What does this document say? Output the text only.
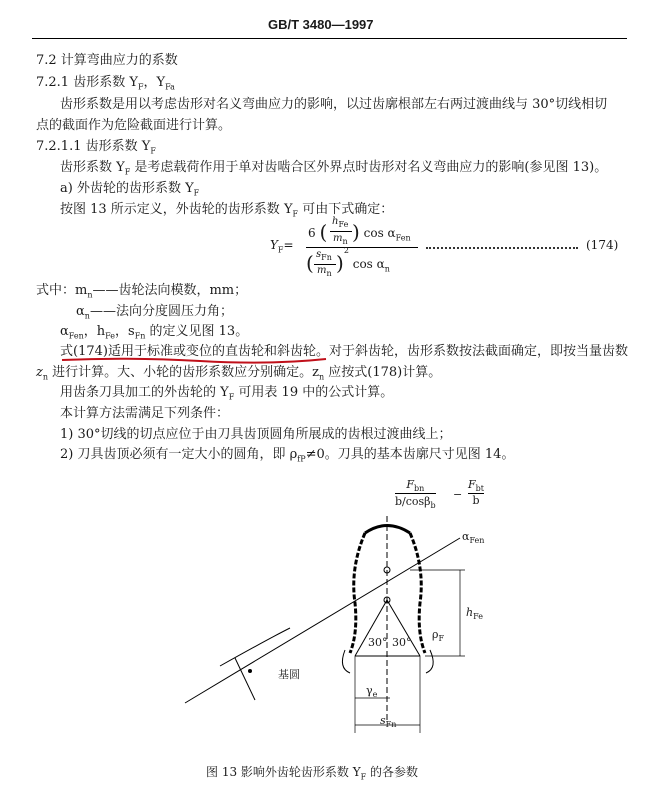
GB/T 3480—1997
7.2 计算弯曲应力的系数
7.2.1 齿形系数 $Y_F$，$Y_{Fa}$
齿形系数是用以考虑齿形对名义弯曲应力的影响，以过齿廓根部左右两过渡曲线与 30°切线相切
点的截面作为危险截面进行计算。
7.2.1.1 齿形系数 $Y_F$
齿形系数 $Y_F$ 是考虑载荷作用于单对齿啮合区外界点时齿形对名义弯曲应力的影响(参见图 13)。
a) 外齿轮的齿形系数 $Y_F$
按图 13 所示定义，外齿轮的齿形系数 $Y_F$ 可由下式确定：
$Y_F=$
6 ( $h_{Fe}$
$m_n$ ) $\cos \alpha_{Fen}$
( $s_{Fn}$
$m_n$ )$^2$ $\cos \alpha_n$
(174)
式中：$m_n——$齿轮法向模数，mm；
$\alpha_n——$法向分度圆压力角；
$\alpha_{Fen}$，$h_{Fe}$，$s_{Fn}$ 的定义见图 13。
式(174)适用于标准或变位的直齿轮和斜齿轮。对于斜齿轮，齿形系数按法截面确定，即按当量齿数
$z_n$ 进行计算。大、小轮的齿形系数应分别确定。$z_n$ 应按式(178)计算。
用齿条刀具加工的外齿轮的 $Y_F$ 可用表 19 中的公式计算。
本计算方法需满足下列条件：
1) 30°切线的切点应位于由刀具齿顶圆角所展成的齿根过渡曲线上；
2) 刀具齿顶必须有一定大小的圆角，即 $\rho_{fP}\ne 0$。刀具的基本齿廓尺寸见图 14。
$F_{bn}$
b/cosβ$_b$
−
$F_{bt}$
b
$\alpha_{Fen}$
$h_{Fe}$
$\rho_F$
基圆
30° 30°
$\gamma_e$
$s_{Fn}$
图 13 影响外齿轮齿形系数 $Y_F$ 的各参数
